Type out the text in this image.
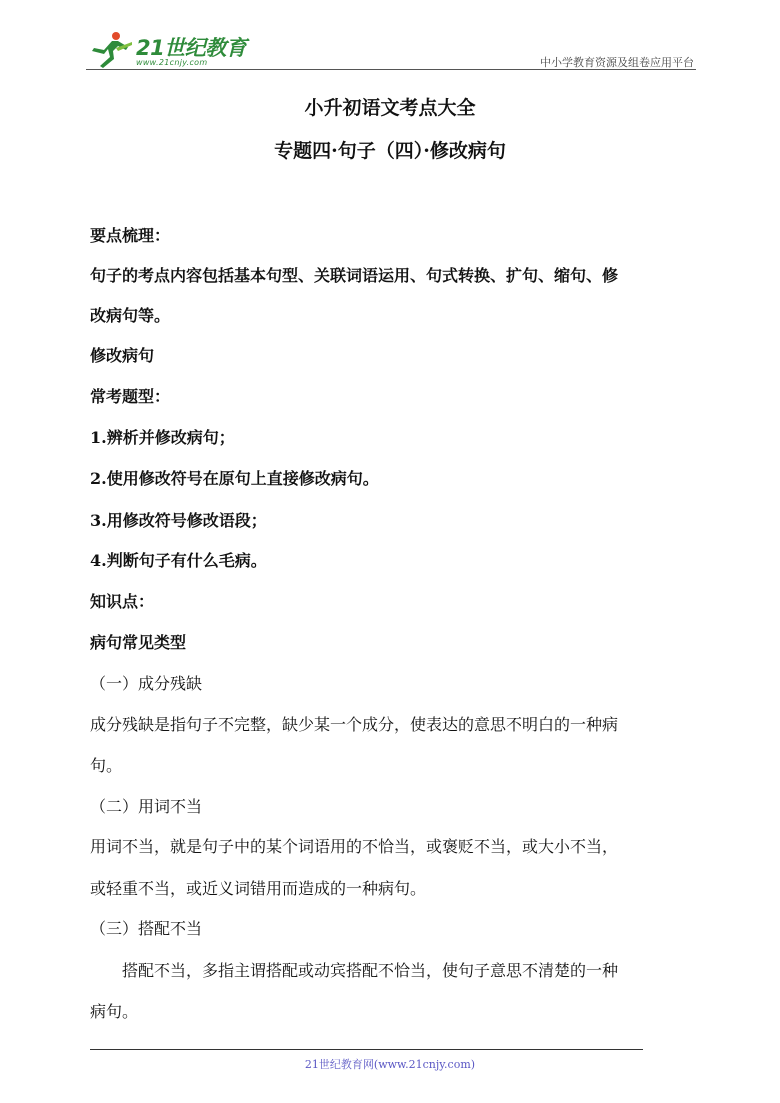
21世纪教育
www.21cnjy.com	中小学教育资源及组卷应用平台
小升初语文考点大全
专题四·句子（四）·修改病句
要点梳理：
句子的考点内容包括基本句型、关联词语运用、句式转换、扩句、缩句、修
改病句等。
修改病句
常考题型：
1.辨析并修改病句；
2.使用修改符号在原句上直接修改病句。
3.用修改符号修改语段；
4.判断句子有什么毛病。
知识点：
病句常见类型
（一）成分残缺
成分残缺是指句子不完整，缺少某一个成分，使表达的意思不明白的一种病
句。
（二）用词不当
用词不当，就是句子中的某个词语用的不恰当，或褒贬不当，或大小不当，
或轻重不当，或近义词错用而造成的一种病句。
（三）搭配不当
搭配不当，多指主谓搭配或动宾搭配不恰当，使句子意思不清楚的一种
病句。
21世纪教育网(www.21cnjy.com)
